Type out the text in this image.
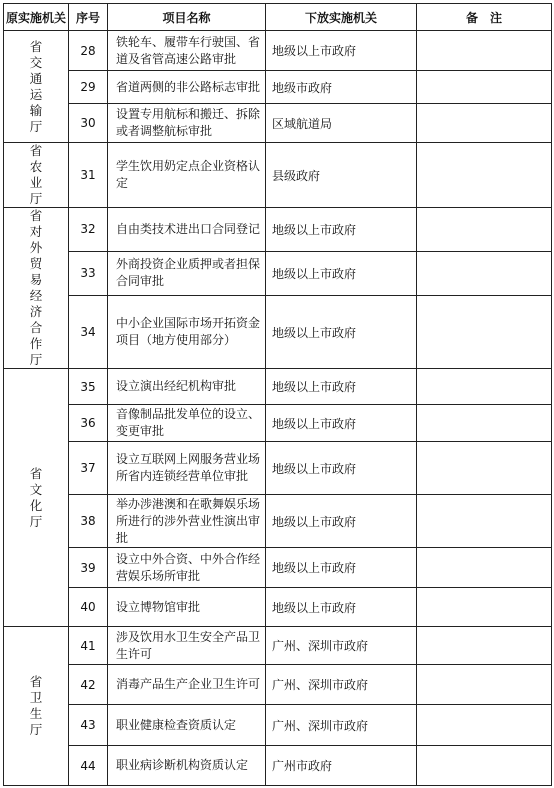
原实施机关	序号	项目名称	下放实施机关	备　注
省交通运输厅	28	铁轮车、履带车行驶国、省道及省管高速公路审批	地级以上市政府	
	29	省道两侧的非公路标志审批	地级市政府	
	30	设置专用航标和搬迁、拆除或者调整航标审批	区域航道局	
省农业厅	31	学生饮用奶定点企业资格认定	县级政府	
省对外贸易经济合作厅	32	自由类技术进出口合同登记	地级以上市政府	
	33	外商投资企业质押或者担保合同审批	地级以上市政府	
	34	中小企业国际市场开拓资金项目（地方使用部分）	地级以上市政府	
省文化厅	35	设立演出经纪机构审批	地级以上市政府	
	36	音像制品批发单位的设立、变更审批	地级以上市政府	
	37	设立互联网上网服务营业场所省内连锁经营单位审批	地级以上市政府	
	38	举办涉港澳和在歌舞娱乐场所进行的涉外营业性演出审批	地级以上市政府	
	39	设立中外合资、中外合作经营娱乐场所审批	地级以上市政府	
	40	设立博物馆审批	地级以上市政府	
省卫生厅	41	涉及饮用水卫生安全产品卫生许可	广州、深圳市政府	
	42	消毒产品生产企业卫生许可	广州、深圳市政府	
	43	职业健康检查资质认定	广州、深圳市政府	
	44	职业病诊断机构资质认定	广州市政府	
